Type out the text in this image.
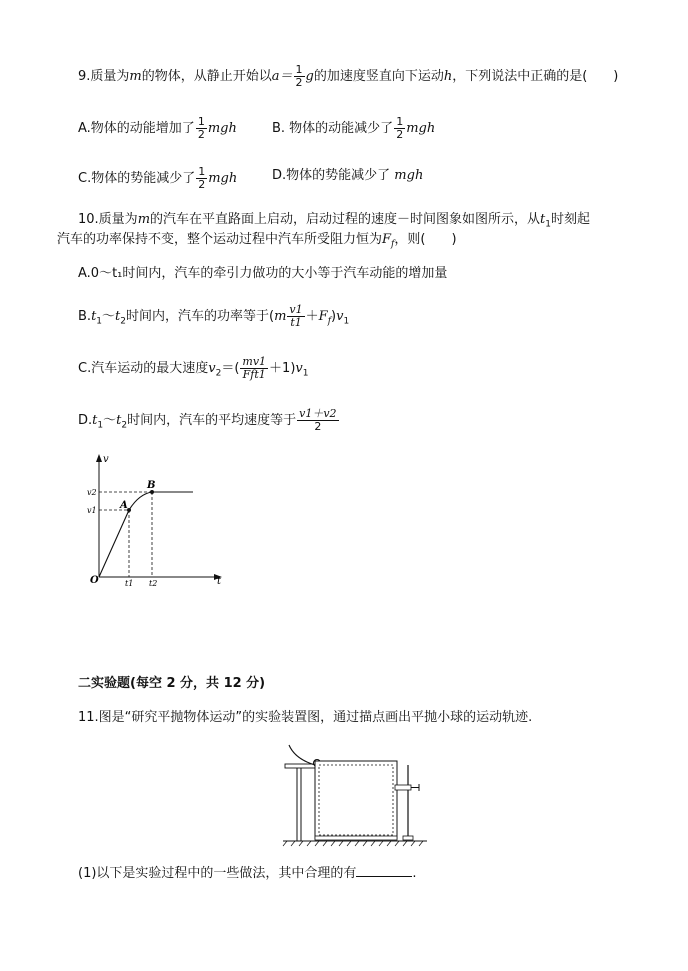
9.质量为m的物体，从静止开始以$a= \frac{1}{2}$ g的加速度竖直向下运动h，下列说法中正确的是(　　)
A.物体的动能增加了 $\frac{1}{2}$ mgh	B. 物体的动能减少了 $\frac{1}{2}$ mgh
C.物体的势能减少了 $\frac{1}{2}$ mgh	D.物体的势能减少了 mgh
10.质量为m的汽车在平直路面上启动，启动过程的速度－时间图象如图所示，从$t_1$时刻起
汽车的功率保持不变，整个运动过程中汽车所受阻力恒为$F_f$，则(　　)
A.0～t₁时间内，汽车的牵引力做功的大小等于汽车动能的增加量
$B.t_1\sim t_2$时间内，汽车的功率等于$(m \frac{v1}{t1} +F_f)v_1$
C.汽车运动的最大速度$v_2=( \frac{mv1}{\text{Fft1}} +1)v_1$
$D.t_1\sim t_2$时间内，汽车的平均速度等于 $\frac{v1+v2}{2}$
v
t
O
v1
v2
t1 t2
A
B
二实验题(每空 2 分，共 12 分)
11.图是“研究平抛物体运动”的实验装置图，通过描点画出平抛小球的运动轨迹.
(1)以下是实验过程中的一些做法，其中合理的有	.
